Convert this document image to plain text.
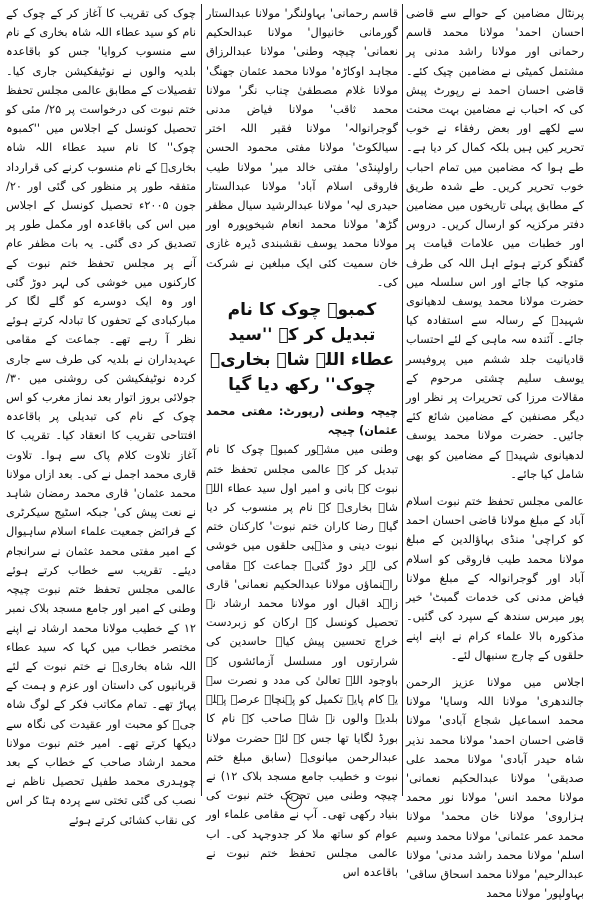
پرنٹال مضامین کے حوالے سے قاضی احسان احمد' مولانا محمد قاسم رحمانی اور مولانا راشد مدنی پر مشتمل کمیٹی نے مضامین چیک کئے۔ قاضی احسان احمد نے رپورٹ پیش کی کہ احباب نے مضامین بہت محنت سے لکھے اور بعض رفقاء نے خوب تحریر کیں ہیں بلکہ کمال کر دیا ہے۔ طے ہوا کہ مضامین میں تمام احباب خوب تحریر کریں۔ طے شدہ طریق کے مطابق پہلی تاریخوں میں مضامین دفتر مرکزیہ کو ارسال کریں۔ دروس اور خطبات میں علامات قیامت پر گفتگو کرتے ہوئے اہل اللہ کی طرف متوجہ کیا جائے اور اس سلسلہ میں حضرت مولانا محمد یوسف لدھیانوی شہیدؒ کے رسالہ سے استفادہ کیا جائے۔ آئندہ سہ ماہی کے لئے احتساب قادیانیت جلد ششم میں پروفیسر یوسف سلیم چشتی مرحوم کے مقالات مرزا کی تحریرات پر نظر اور دیگر مصنفین کے مضامین شائع کئے جائیں۔ حضرت مولانا محمد یوسف لدھیانوی شہیدؒ کے مضامین کو بھی شامل کیا جائے۔

عالمی مجلس تحفظ ختم نبوت اسلام آباد کے مبلغ مولانا قاضی احسان احمد کو کراچی' منڈی بہاؤالدین کے مبلغ مولانا محمد طیب فاروقی کو اسلام آباد اور گوجرانوالہ کے مبلغ مولانا فیاض مدنی کی خدمات گمبٹ' خیر پور میرس سندھ کے سپرد کی گئیں۔ مذکورہ بالا علماء کرام نے اپنے اپنے حلقوں کے چارج سنبھال لئے۔

اجلاس میں مولانا عزیز الرحمن جالندھری' مولانا اللہ وسایا' مولانا محمد اسماعیل شجاع آبادی' مولانا قاضی احسان احمد' مولانا محمد نذیر شاہ حیدر آبادی' مولانا محمد علی صدیقی' مولانا عبدالحکیم نعمانی' مولانا محمد انس' مولانا نور محمد ہزاروی' مولانا خان محمد' مولانا محمد عمر عثمانی' مولانا محمد وسیم اسلم' مولانا محمد راشد مدنی' مولانا عبدالرحیم' مولانا محمد اسحاق ساقی' بہاولپور' مولانا محمد

قاسم رحمانی' بہاولنگر' مولانا عبدالستار گورمانی خانیوال' مولانا عبدالحکیم نعمانی' چیچہ وطنی' مولانا عبدالرزاق مجاہد اوکاڑہ' مولانا محمد عثمان جھنگ' مولانا غلام مصطفیٰ چناب نگر' مولانا محمد ثاقب' مولانا فیاض مدنی گوجرانوالہ' مولانا فقیر اللہ اختر سیالکوٹ' مولانا مفتی محمود الحسن راولپنڈی' مفتی خالد میر' مولانا طیب فاروقی اسلام آباد' مولانا عبدالستار حیدری لیہ' مولانا عبدالرشید سیال مظفر گڑھ' مولانا محمد انعام شیخوپورہ اور مولانا محمد یوسف نقشبندی ڈیرہ غازی خان سمیت کئی ایک مبلغین نے شرکت کی۔

کمبوہ چوک کا نام تبدیل کر کے ''سید عطاء اللہ شاہ بخاریؒ چوک'' رکھ دیا گیا

چیچہ وطنی (رپورٹ: مفتی محمد عثمان) چیچہ

وطنی میں مشہور کمبوہ چوک کا نام تبدیل کر کے عالمی مجلس تحفظ ختم نبوت کے بانی و امیر اول سید عطاء اللہ شاہ بخاریؒ کے نام پر منسوب کر دیا گیا۔ رضا کاران ختم نبوت' کارکنان ختم نبوت دینی و مذہبی حلقوں میں خوشی کی لہر دوڑ گئی۔ جماعت کے مقامی راہنماؤں مولانا عبدالحکیم نعمانی' قاری زاہد اقبال اور مولانا محمد ارشاد نے تحصیل کونسل کے ارکان کو زبردست خراج تحسین پیش کیا۔ حاسدین کی شرارتوں اور مسلسل آزمائشوں کے باوجود اللہ تعالیٰ کی مدد و نصرت سے یہ کام پایہ تکمیل کو پہنچا۔ عرصہ پہلے بلدیہ والوں نے شاہ صاحب کے نام کا بورڈ لگایا تھا جس کے لئے حضرت مولانا عبدالرحمن میانویؒ (سابق مبلغ ختم نبوت و خطیب جامع مسجد بلاک ۱۲) نے چیچہ وطنی میں تحریک ختم نبوت کی بنیاد رکھی تھی۔ آپ نے مقامی علماء اور عوام کو ساتھ ملا کر جدوجہد کی۔ اب عالمی مجلس تحفظ ختم نبوت نے باقاعدہ اس

چوک کی تقریب کا آغاز کر کے چوک کے نام کو سید عطاء اللہ شاہ بخاری کے نام سے منسوب کروایا' جس کو باقاعدہ بلدیہ والوں نے نوٹیفکیشن جاری کیا۔ تفصیلات کے مطابق عالمی مجلس تحفظ ختم نبوت کی درخواست پر ۲۵/ مئی کو تحصیل کونسل کے اجلاس میں ''کمبوہ چوک'' کا نام سید عطاء اللہ شاہ بخاریؒ کے نام منسوب کرنے کی قرارداد متفقہ طور پر منظور کی گئی اور ۲۰/ جون ۲۰۰۵ء تحصیل کونسل کے اجلاس میں اس کی باقاعدہ اور مکمل طور پر تصدیق کر دی گئی۔ یہ بات مظفر عام آنے پر مجلس تحفظ ختم نبوت کے کارکنوں میں خوشی کی لہر دوڑ گئی اور وہ ایک دوسرے کو گلے لگا کر مبارکبادی کے تحفوں کا تبادلہ کرتے ہوئے نظر آ رہے تھے۔ جماعت کے مقامی عہدیداران نے بلدیہ کی طرف سے جاری کردہ نوٹیفکیشن کی روشنی میں ۳۰/ جولائی بروز اتوار بعد نماز مغرب کو اس چوک کے نام کی تبدیلی پر باقاعدہ افتتاحی تقریب کا انعقاد کیا۔ تقریب کا آغاز تلاوت کلام پاک سے ہوا۔ تلاوت قاری محمد اجمل نے کی۔ بعد ازاں مولانا محمد عثمان' قاری محمد رمضان شاہد نے نعت پیش کی' جبکہ اسٹیج سیکرٹری کے فرائض جمعیت علماء اسلام ساہیوال کے امیر مفتی محمد عثمان نے سرانجام دیئے۔ تقریب سے خطاب کرتے ہوئے عالمی مجلس تحفظ ختم نبوت چیچہ وطنی کے امیر اور جامع مسجد بلاک نمبر ۱۲ کے خطیب مولانا محمد ارشاد نے اپنے مختصر خطاب میں کہا کہ سید عطاء اللہ شاہ بخاریؒ نے ختم نبوت کے لئے قربانیوں کی داستان اور عزم و ہمت کے پہاڑ تھے۔ تمام مکاتب فکر کے لوگ شاہ جیؒ کو محبت اور عقیدت کی نگاہ سے دیکھا کرتے تھے۔ امیر ختم نبوت مولانا محمد ارشاد صاحب کے خطاب کے بعد چوہدری محمد طفیل تحصیل ناظم نے نصب کی گئی تختی سے پردہ ہٹا کر اس کی نقاب کشائی کرتے ہوئے
